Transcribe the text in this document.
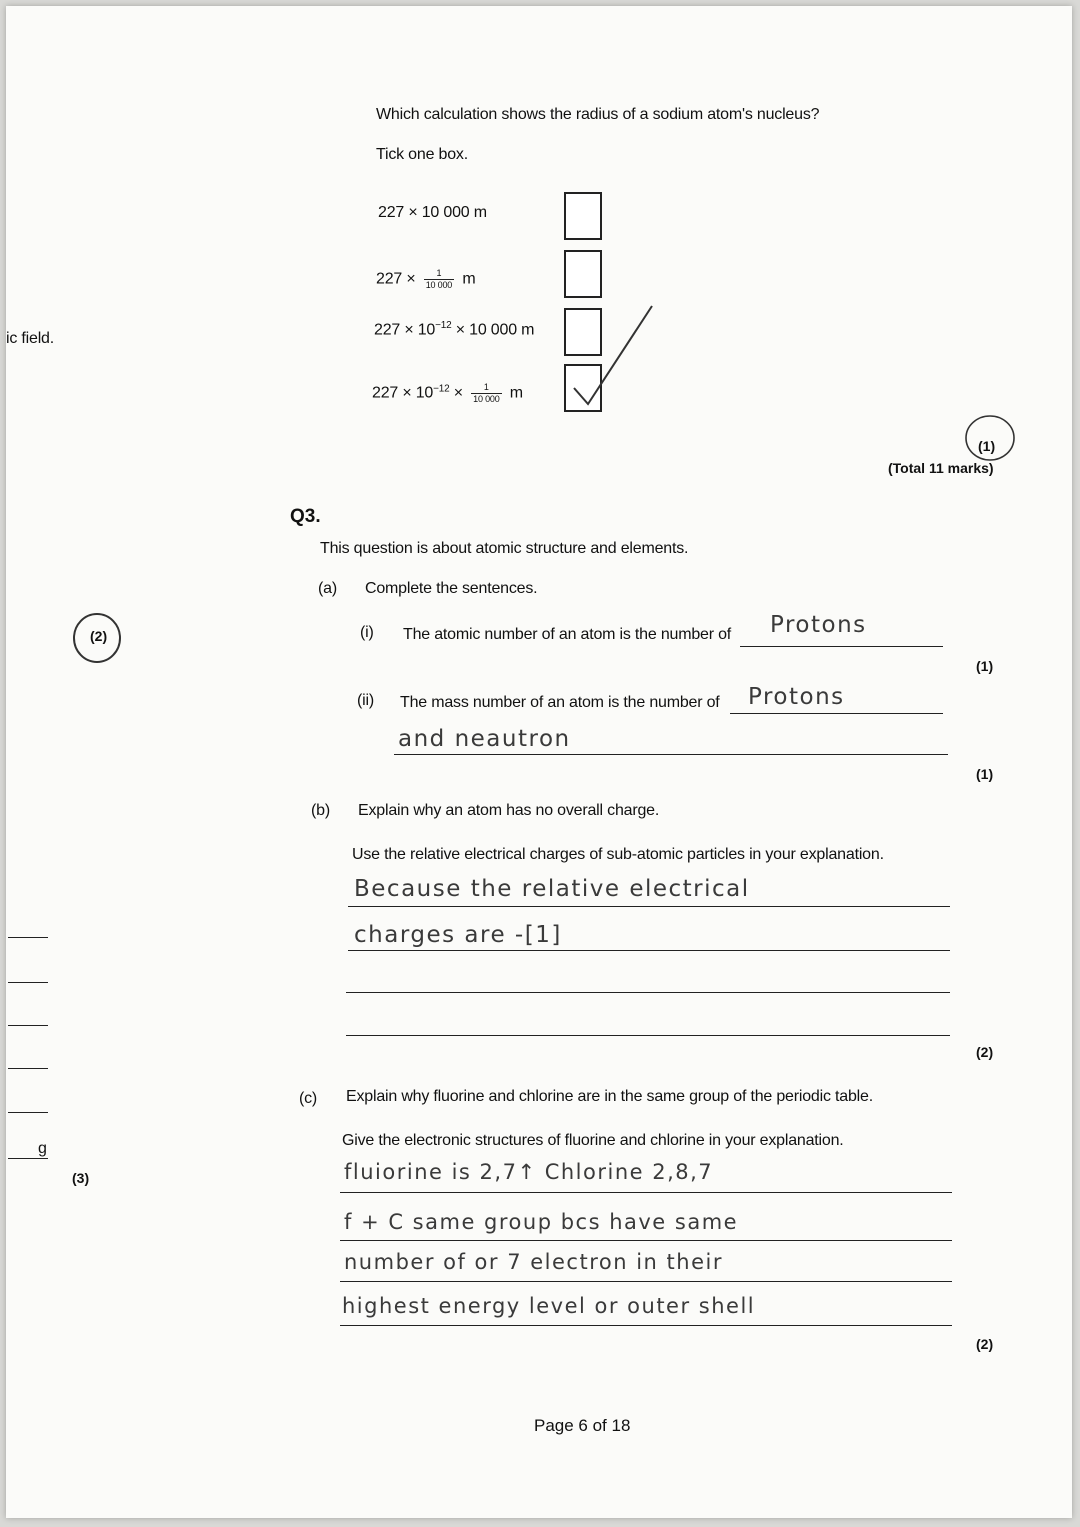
ic field.
(2)
(3)
g
Which calculation shows the radius of a sodium atom's nucleus?
Tick one box.
227 × 10 000 m
$227 \times \frac{1}{10 000}$ m
$227 \times 10^{-12} \times 10$ 000 m
$227 \times 10^{-12} \times \frac{1}{10 000}$ m
(1)
(Total 11 marks)
Q3.
This question is about atomic structure and elements.
(a) Complete the sentences.
(i) The atomic number of an atom is the number of Protons
(1)
(ii) The mass number of an atom is the number of Protons
and neautron
(1)
(b) Explain why an atom has no overall charge.
Use the relative electrical charges of sub-atomic particles in your explanation.
Because the relative electrical
charges are -[1]
(2)
(c) Explain why fluorine and chlorine are in the same group of the periodic table.
Give the electronic structures of fluorine and chlorine in your explanation.
fluiorine is 2,7↑ Chlorine 2,8,7
f + C same group bcs have same
number of or 7 electron in their
highest energy level or outer shell
(2)
Page 6 of 18
